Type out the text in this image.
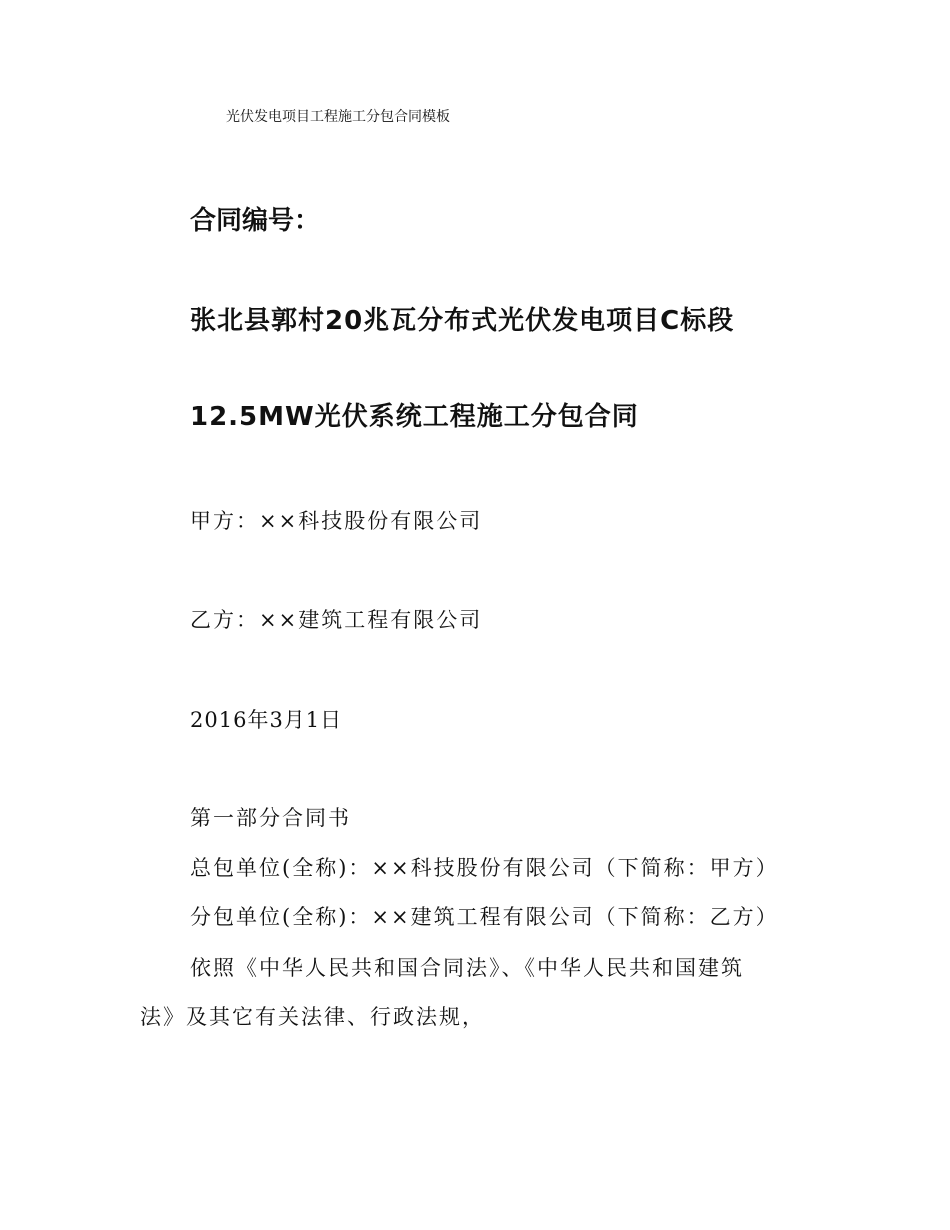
光伏发电项目工程施工分包合同模板
合同编号：
张北县郭村20兆瓦分布式光伏发电项目C标段
12.5MW光伏系统工程施工分包合同
甲方：××科技股份有限公司
乙方：××建筑工程有限公司
2016年3月1日
第一部分合同书
总包单位(全称)：××科技股份有限公司（下简称：甲方）
分包单位(全称)：××建筑工程有限公司（下简称：乙方）
依照《中华人民共和国合同法》、《中华人民共和国建筑
法》及其它有关法律、行政法规，
